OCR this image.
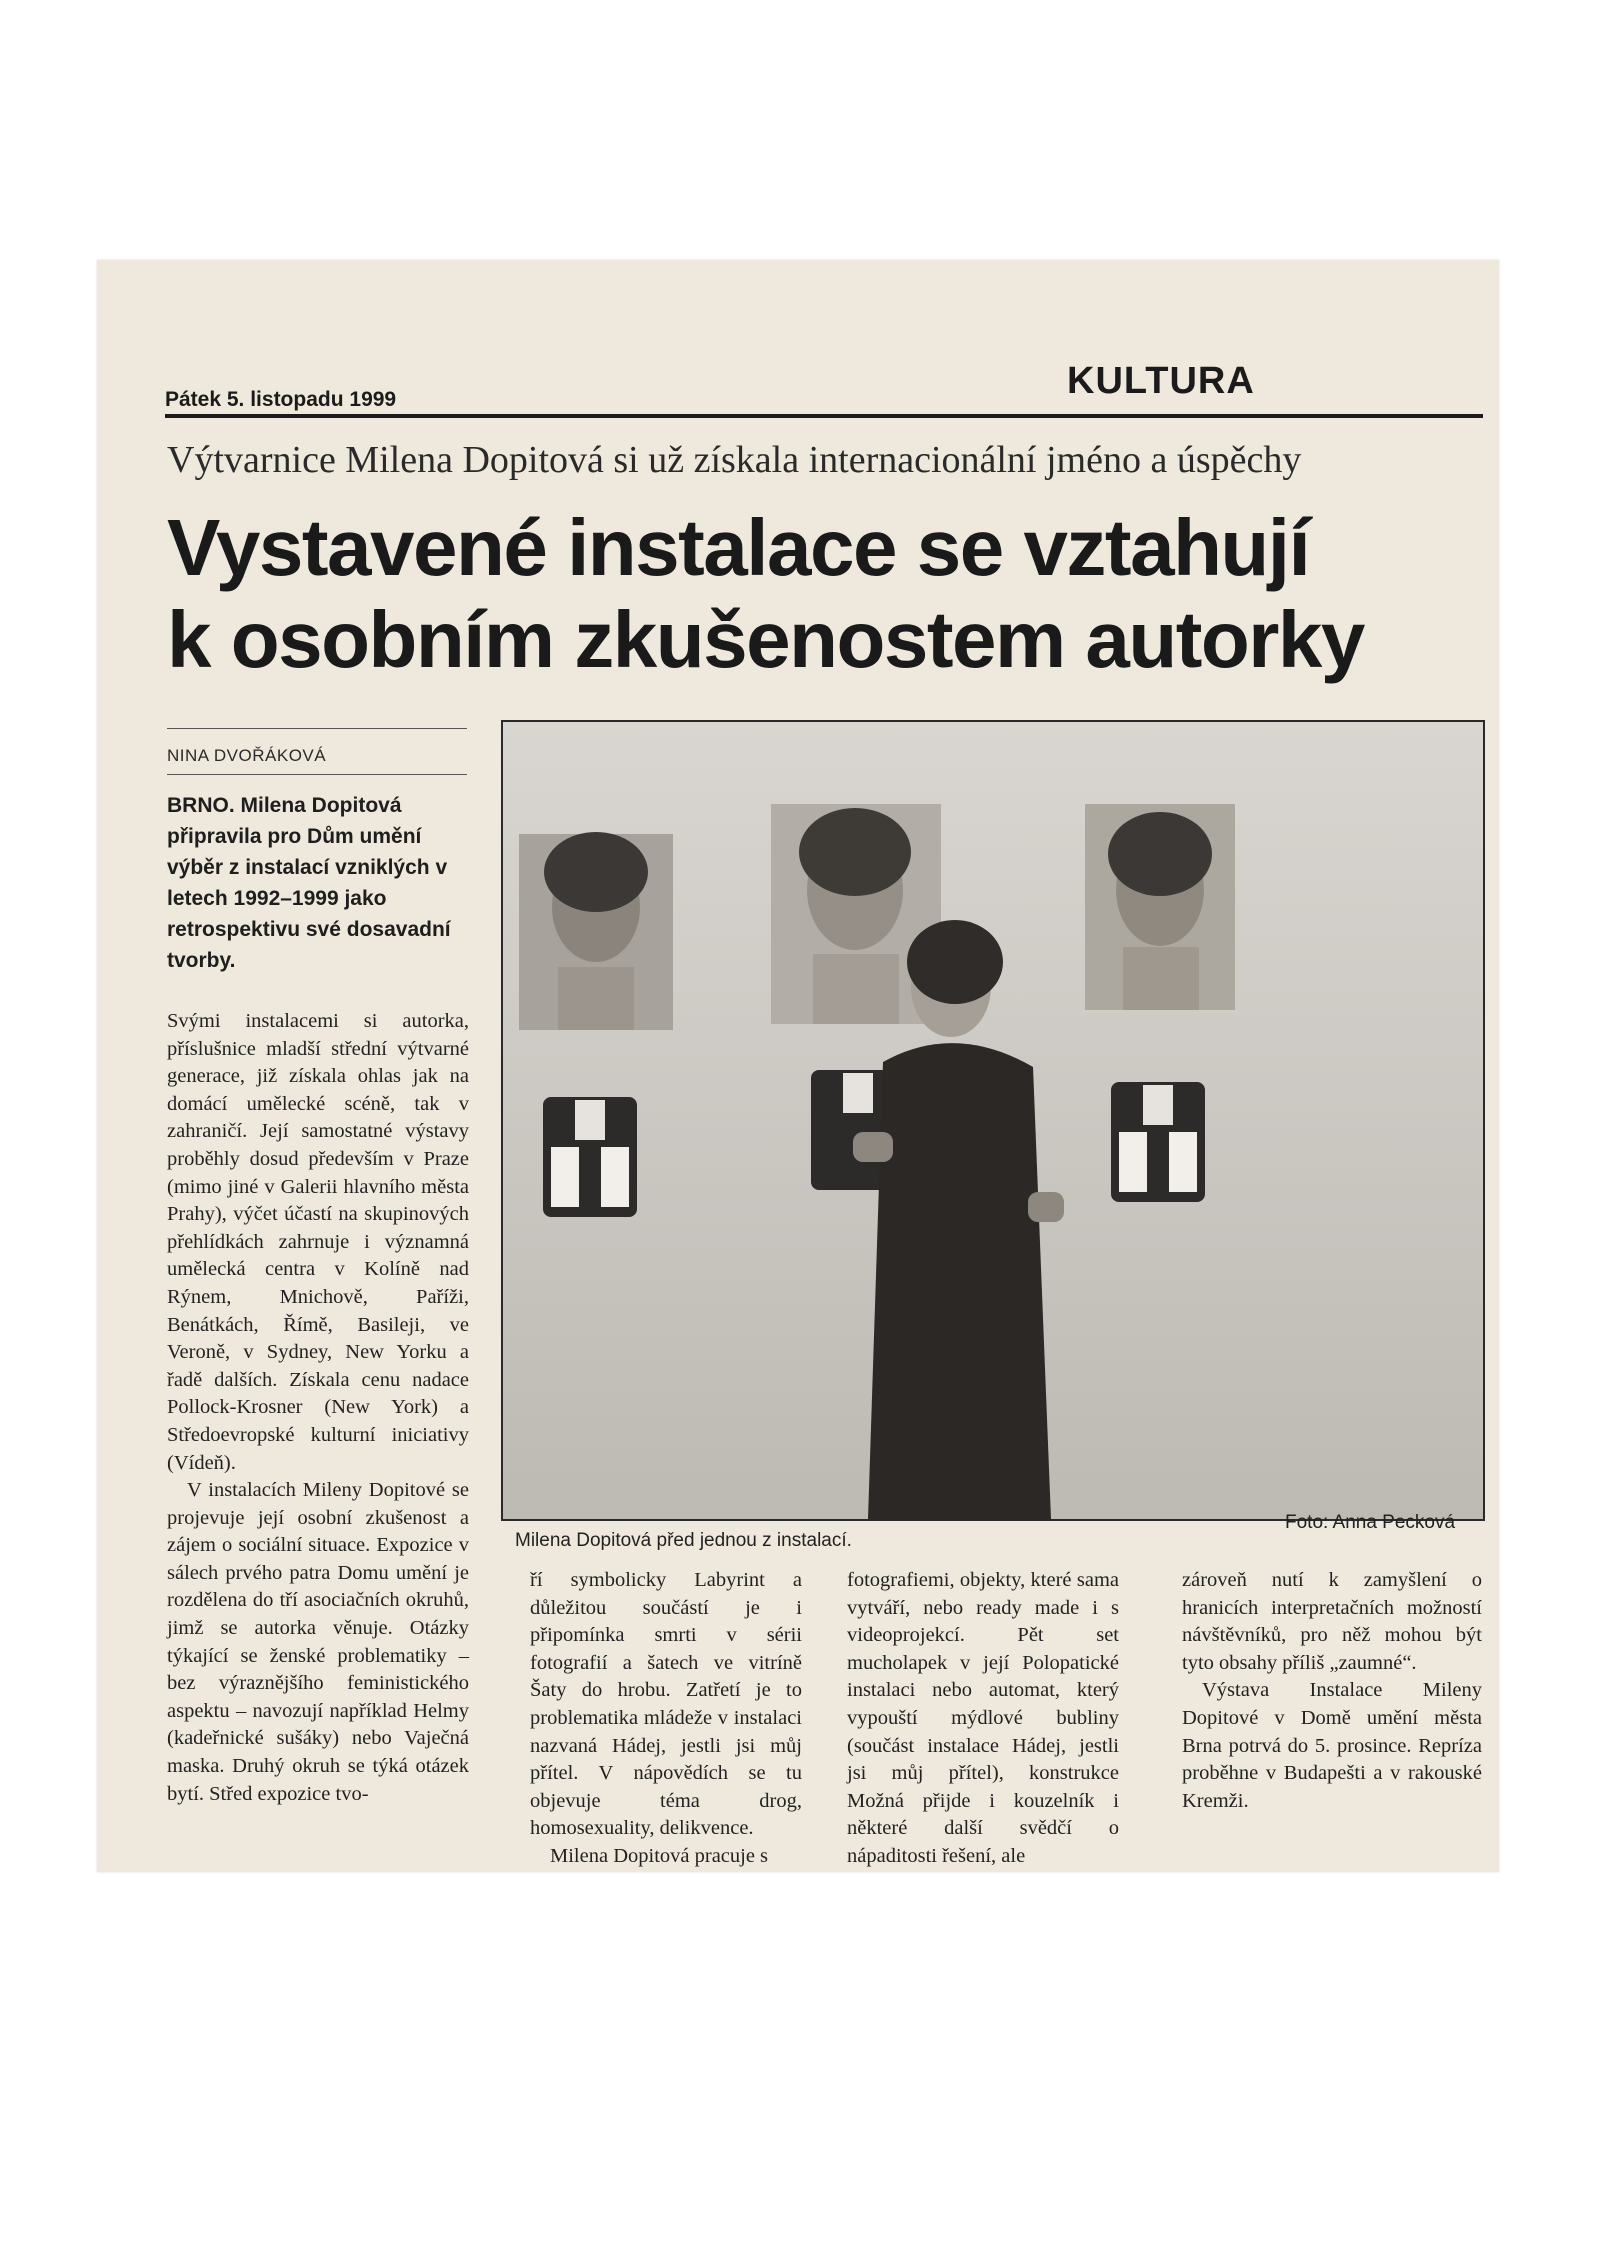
Pátek 5. listopadu 1999	KULTURA
Výtvarnice Milena Dopitová si už získala internacionální jméno a úspěchy
Vystavené instalace se vztahují
k osobním zkušenostem autorky
NINA DVOŘÁKOVÁ
BRNO. Milena Dopitová připravila pro Dům umění výběr z instalací vzniklých v letech 1992–1999 jako retrospektivu své dosavadní tvorby.

Svými instalacemi si autorka, příslušnice mladší střední výtvarné generace, již získala ohlas jak na domácí umělecké scéně, tak v zahraničí. Její samostatné výstavy proběhly dosud především v Praze (mimo jiné v Galerii hlavního města Prahy), výčet účastí na skupinových přehlídkách zahrnuje i významná umělecká centra v Kolíně nad Rýnem, Mnichově, Paříži, Benátkách, Římě, Basileji, ve Veroně, v Sydney, New Yorku a řadě dalších. Získala cenu nadace Pollock-Krosner (New York) a Středoevropské kulturní iniciativy (Vídeň).

V instalacích Mileny Dopitové se projevuje její osobní zkušenost a zájem o sociální situace. Expozice v sálech prvého patra Domu umění je rozdělena do tří asociačních okruhů, jimž se autorka věnuje. Otázky týkající se ženské problematiky – bez výraznějšího feministického aspektu – navozují například Helmy (kadeřnické sušáky) nebo Vaječná maska. Druhý okruh se týká otázek bytí. Střed expozice tvo-

Foto: Anna Pecková
Milena Dopitová před jednou z instalací.

ří symbolicky Labyrint a důležitou součástí je i připomínka smrti v sérii fotografií a šatech ve vitríně Šaty do hrobu. Zatřetí je to problematika mládeže v instalaci nazvaná Hádej, jestli jsi můj přítel. V nápovědích se tu objevuje téma drog, homosexuality, delikvence.

Milena Dopitová pracuje s

fotografiemi, objekty, které sama vytváří, nebo ready made i s videoprojekcí. Pět set mucholapek v její Polopatické instalaci nebo automat, který vypouští mýdlové bubliny (součást instalace Hádej, jestli jsi můj přítel), konstrukce Možná přijde i kouzelník i některé další svědčí o nápaditosti řešení, ale

zároveň nutí k zamyšlení o hranicích interpretačních možností návštěvníků, pro něž mohou být tyto obsahy příliš „zaumné“.

Výstava Instalace Mileny Dopitové v Domě umění města Brna potrvá do 5. prosince. Repríza proběhne v Budapešti a v rakouské Kremži.
